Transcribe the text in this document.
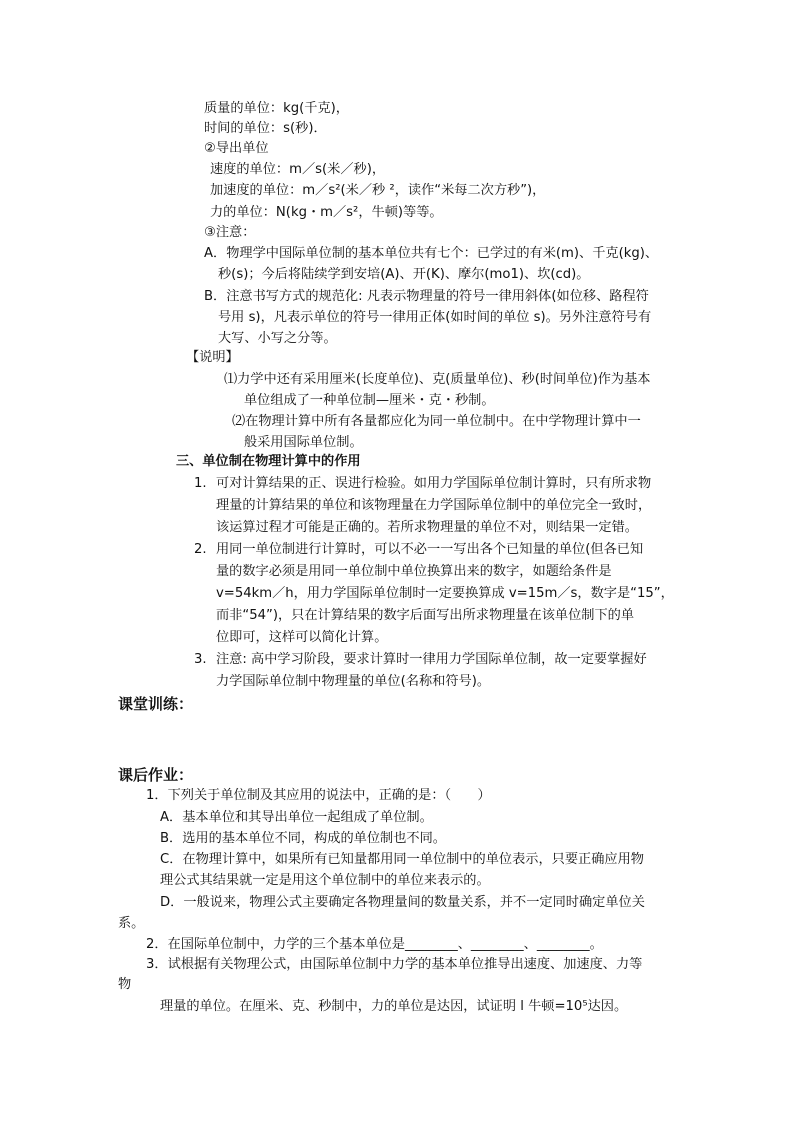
质量的单位：kg(千克)，
时间的单位：s(秒)．
②导出单位
速度的单位：m／s(米／秒)，
加速度的单位：m／s²(米／秒 ²，读作“米每二次方秒”)，
力的单位：N(kg・m／s²，牛顿)等等。
③注意：
A．物理学中国际单位制的基本单位共有七个：已学过的有米(m)、千克(kg)、
秒(s)；今后将陆续学到安培(A)、开(K)、摩尔(mo1)、坎(cd)。
B．注意书写方式的规范化: 凡表示物理量的符号一律用斜体(如位移、路程符
号用 s)，凡表示单位的符号一律用正体(如时间的单位 s)。另外注意符号有
大写、小写之分等。
【说明】
⑴力学中还有采用厘米(长度单位)、克(质量单位)、秒(时间单位)作为基本
单位组成了一种单位制—厘米・克・秒制。
⑵在物理计算中所有各量都应化为同一单位制中。在中学物理计算中一
般采用国际单位制。
三、单位制在物理计算中的作用
1. 可对计算结果的正、误进行检验。如用力学国际单位制计算时，只有所求物
理量的计算结果的单位和该物理量在力学国际单位制中的单位完全一致时，
该运算过程才可能是正确的。若所求物理量的单位不对，则结果一定错。
2. 用同一单位制进行计算时，可以不必一一写出各个已知量的单位(但各已知
量的数字必须是用同一单位制中单位换算出来的数字，如题给条件是
v=54km／h，用力学国际单位制时一定要换算成 v=15m／s，数字是“15”，
而非“54”)，只在计算结果的数字后面写出所求物理量在该单位制下的单
位即可，这样可以简化计算。
3. 注意: 高中学习阶段，要求计算时一律用力学国际单位制，故一定要掌握好
力学国际单位制中物理量的单位(名称和符号)。
课堂训练：
课后作业：
1．下列关于单位制及其应用的说法中，正确的是：（　　）
A．基本单位和其导出单位一起组成了单位制。
B．选用的基本单位不同，构成的单位制也不同。
C．在物理计算中，如果所有已知量都用同一单位制中的单位表示，只要正确应用物
理公式其结果就一定是用这个单位制中的单位来表示的。
D．一般说来，物理公式主要确定各物理量间的数量关系，并不一定同时确定单位关
系。
2．在国际单位制中，力学的三个基本单位是________、________、________。
3．试根据有关物理公式，由国际单位制中力学的基本单位推导出速度、加速度、力等
物
理量的单位。在厘米、克、秒制中，力的单位是达因，试证明 l 牛顿=10⁵达因。
